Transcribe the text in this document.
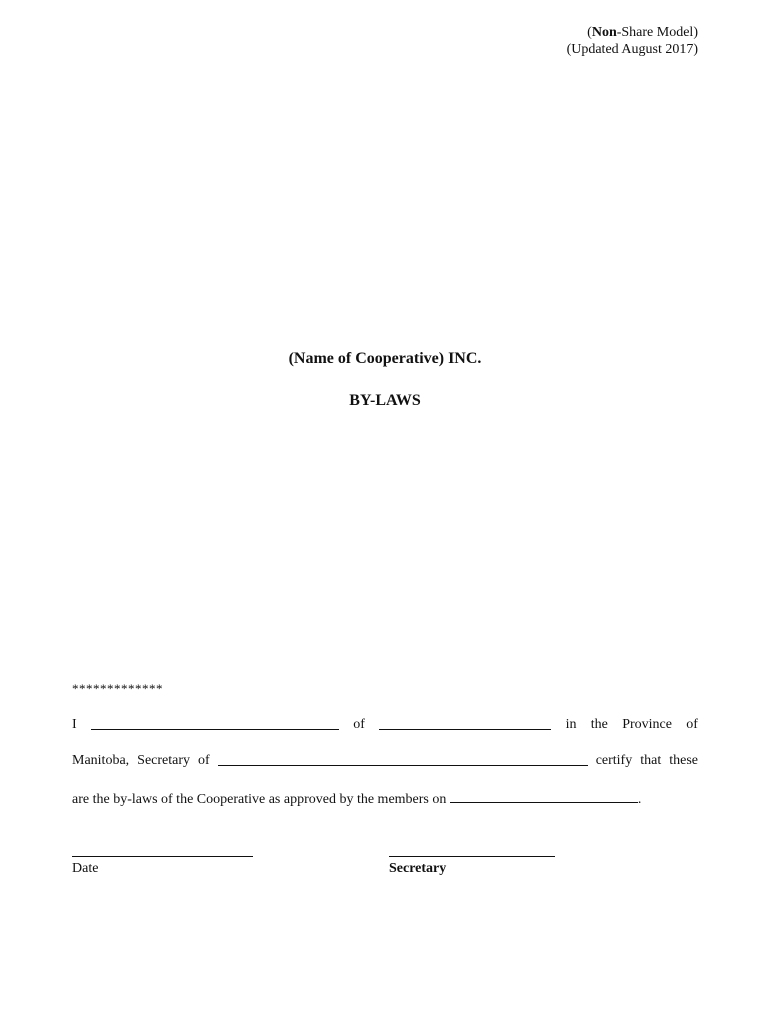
(Non-Share Model)
(Updated August 2017)
(Name of Cooperative) INC.
BY-LAWS
*************
I	of	in the Province of
Manitoba, Secretary of	certify that these
are the by-laws of the Cooperative as approved by the members on	.
Date	Secretary
